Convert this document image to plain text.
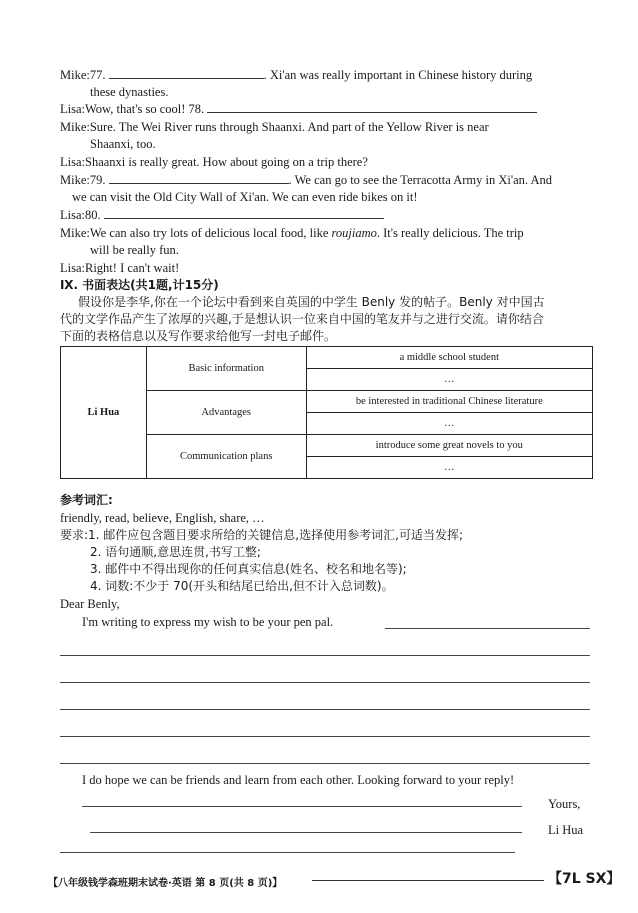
Mike:77.	. Xi'an was really important in Chinese history during
these dynasties.
Lisa:Wow, that's so cool! 78.
Mike:Sure. The Wei River runs through Shaanxi. And part of the Yellow River is near
Shaanxi, too.
Lisa:Shaanxi is really great. How about going on a trip there?
Mike:79.	. We can go to see the Terracotta Army in Xi'an. And
we can visit the Old City Wall of Xi'an. We can even ride bikes on it!
Lisa:80.
Mike:We can also try lots of delicious local food, like roujiamo. It's really delicious. The trip
will be really fun.
Lisa:Right! I can't wait!
Ⅸ. 书面表达(共1题,计15分)
假设你是李华,你在一个论坛中看到来自英国的中学生 Benly 发的帖子。Benly 对中国古
代的文学作品产生了浓厚的兴趣,于是想认识一位来自中国的笔友并与之进行交流。请你结合
下面的表格信息以及写作要求给他写一封电子邮件。
Li Hua	Basic information	a middle school student
		…
	Advantages	be interested in traditional Chinese literature
		…
	Communication plans	introduce some great novels to you
		…
参考词汇:
friendly, read, believe, English, share, …
要求:1. 邮件应包含题目要求所给的关键信息,选择使用参考词汇,可适当发挥;
2. 语句通顺,意思连贯,书写工整;
3. 邮件中不得出现你的任何真实信息(姓名、校名和地名等);
4. 词数:不少于 70(开头和结尾已给出,但不计入总词数)。
Dear Benly,
I'm writing to express my wish to be your pen pal.
I do hope we can be friends and learn from each other. Looking forward to your reply!
Yours,
Li Hua
【八年级钱学森班期末试卷·英语 第 8 页(共 8 页)】	【7L SX】
